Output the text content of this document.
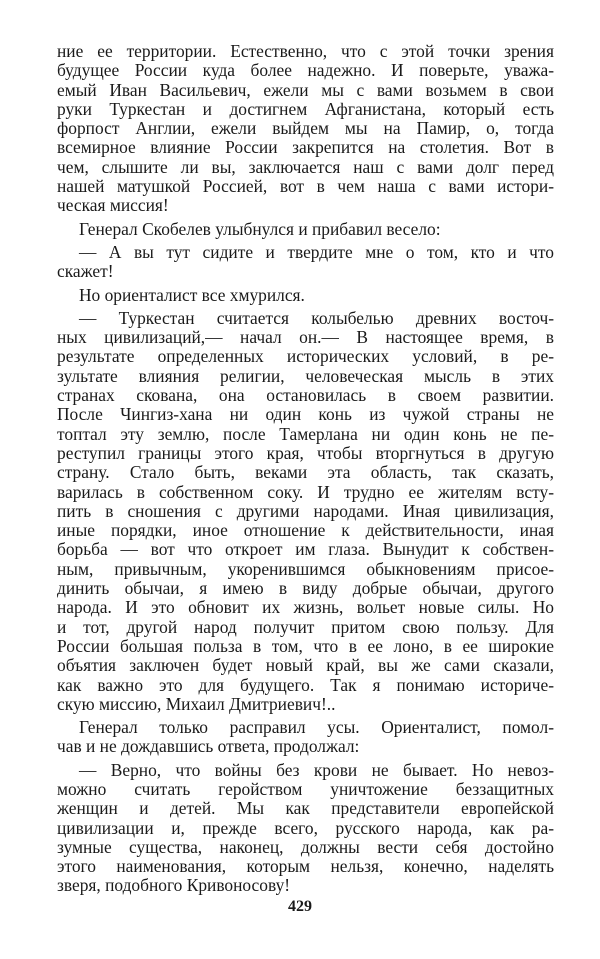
ние ее территории. Естественно, что с этой точки зрения
будущее России куда более надежно. И поверьте, уважа-
емый Иван Васильевич, ежели мы с вами возьмем в свои
руки Туркестан и достигнем Афганистана, который есть
форпост Англии, ежели выйдем мы на Памир, о, тогда
всемирное влияние России закрепится на столетия. Вот в
чем, слышите ли вы, заключается наш с вами долг перед
нашей матушкой Россией, вот в чем наша с вами истори-
ческая миссия!
Генерал Скобелев улыбнулся и прибавил весело:
— А вы тут сидите и твердите мне о том, кто и что
скажет!
Но ориенталист все хмурился.
— Туркестан считается колыбелью древних восточ-
ных цивилизаций,— начал он.— В настоящее время, в
результате определенных исторических условий, в ре-
зультате влияния религии, человеческая мысль в этих
странах скована, она остановилась в своем развитии.
После Чингиз-хана ни один конь из чужой страны не
топтал эту землю, после Тамерлана ни один конь не пе-
реступил границы этого края, чтобы вторгнуться в другую
страну. Стало быть, веками эта область, так сказать,
варилась в собственном соку. И трудно ее жителям всту-
пить в сношения с другими народами. Иная цивилизация,
иные порядки, иное отношение к действительности, иная
борьба — вот что откроет им глаза. Вынудит к собствен-
ным, привычным, укоренившимся обыкновениям присое-
динить обычаи, я имею в виду добрые обычаи, другого
народа. И это обновит их жизнь, вольет новые силы. Но
и тот, другой народ получит притом свою пользу. Для
России большая польза в том, что в ее лоно, в ее широкие
объятия заключен будет новый край, вы же сами сказали,
как важно это для будущего. Так я понимаю историче-
скую миссию, Михаил Дмитриевич!..
Генерал только расправил усы. Ориенталист, помол-
чав и не дождавшись ответа, продолжал:
— Верно, что войны без крови не бывает. Но невоз-
можно считать геройством уничтожение беззащитных
женщин и детей. Мы как представители европейской
цивилизации и, прежде всего, русского народа, как ра-
зумные существа, наконец, должны вести себя достойно
этого наименования, которым нельзя, конечно, наделять
зверя, подобного Кривоносову!
429
